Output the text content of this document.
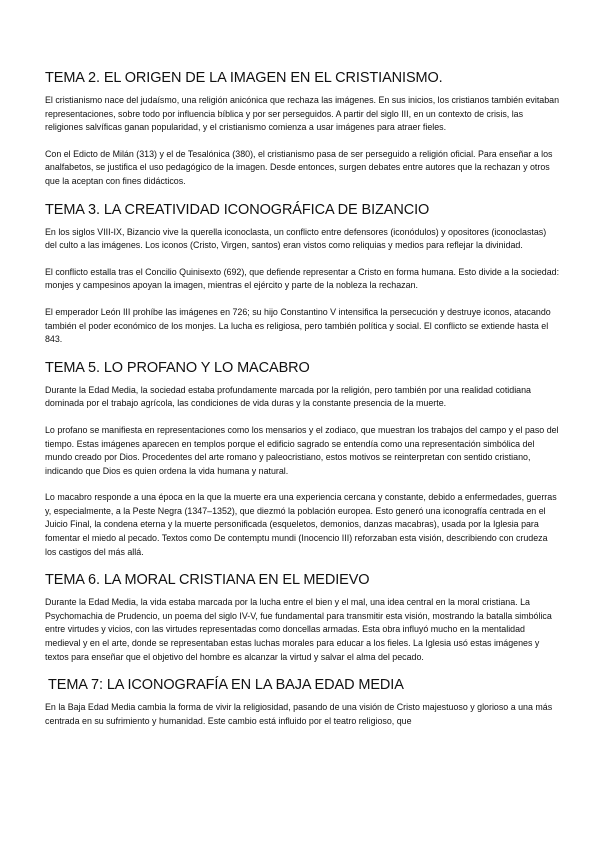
TEMA 2. EL ORIGEN DE LA IMAGEN EN EL CRISTIANISMO.

El cristianismo nace del judaísmo, una religión anicónica que rechaza las imágenes. En sus inicios, los cristianos también evitaban representaciones, sobre todo por influencia bíblica y por ser perseguidos. A partir del siglo III, en un contexto de crisis, las religiones salvíficas ganan popularidad, y el cristianismo comienza a usar imágenes para atraer fieles.

Con el Edicto de Milán (313) y el de Tesalónica (380), el cristianismo pasa de ser perseguido a religión oficial. Para enseñar a los analfabetos, se justifica el uso pedagógico de la imagen. Desde entonces, surgen debates entre autores que la rechazan y otros que la aceptan con fines didácticos.

TEMA 3. LA CREATIVIDAD ICONOGRÁFICA DE BIZANCIO

En los siglos VIII-IX, Bizancio vive la querella iconoclasta, un conflicto entre defensores (iconódulos) y opositores (iconoclastas) del culto a las imágenes. Los iconos (Cristo, Virgen, santos) eran vistos como reliquias y medios para reflejar la divinidad.

El conflicto estalla tras el Concilio Quinisexto (692), que defiende representar a Cristo en forma humana. Esto divide a la sociedad: monjes y campesinos apoyan la imagen, mientras el ejército y parte de la nobleza la rechazan.

El emperador León III prohíbe las imágenes en 726; su hijo Constantino V intensifica la persecución y destruye iconos, atacando también el poder económico de los monjes. La lucha es religiosa, pero también política y social. El conflicto se extiende hasta el 843.

TEMA 5. LO PROFANO Y LO MACABRO

Durante la Edad Media, la sociedad estaba profundamente marcada por la religión, pero también por una realidad cotidiana dominada por el trabajo agrícola, las condiciones de vida duras y la constante presencia de la muerte.

Lo profano se manifiesta en representaciones como los mensarios y el zodiaco, que muestran los trabajos del campo y el paso del tiempo. Estas imágenes aparecen en templos porque el edificio sagrado se entendía como una representación simbólica del mundo creado por Dios. Procedentes del arte romano y paleocristiano, estos motivos se reinterpretan con sentido cristiano, indicando que Dios es quien ordena la vida humana y natural.

Lo macabro responde a una época en la que la muerte era una experiencia cercana y constante, debido a enfermedades, guerras y, especialmente, a la Peste Negra (1347–1352), que diezmó la población europea. Esto generó una iconografía centrada en el Juicio Final, la condena eterna y la muerte personificada (esqueletos, demonios, danzas macabras), usada por la Iglesia para fomentar el miedo al pecado. Textos como De contemptu mundi (Inocencio III) reforzaban esta visión, describiendo con crudeza los castigos del más allá.

TEMA 6. LA MORAL CRISTIANA EN EL MEDIEVO

Durante la Edad Media, la vida estaba marcada por la lucha entre el bien y el mal, una idea central en la moral cristiana. La Psychomachia de Prudencio, un poema del siglo IV-V, fue fundamental para transmitir esta visión, mostrando la batalla simbólica entre virtudes y vicios, con las virtudes representadas como doncellas armadas. Esta obra influyó mucho en la mentalidad medieval y en el arte, donde se representaban estas luchas morales para educar a los fieles. La Iglesia usó estas imágenes y textos para enseñar que el objetivo del hombre es alcanzar la virtud y salvar el alma del pecado.

TEMA 7: LA ICONOGRAFÍA EN LA BAJA EDAD MEDIA

En la Baja Edad Media cambia la forma de vivir la religiosidad, pasando de una visión de Cristo majestuoso y glorioso a una más centrada en su sufrimiento y humanidad. Este cambio está influido por el teatro religioso, que
